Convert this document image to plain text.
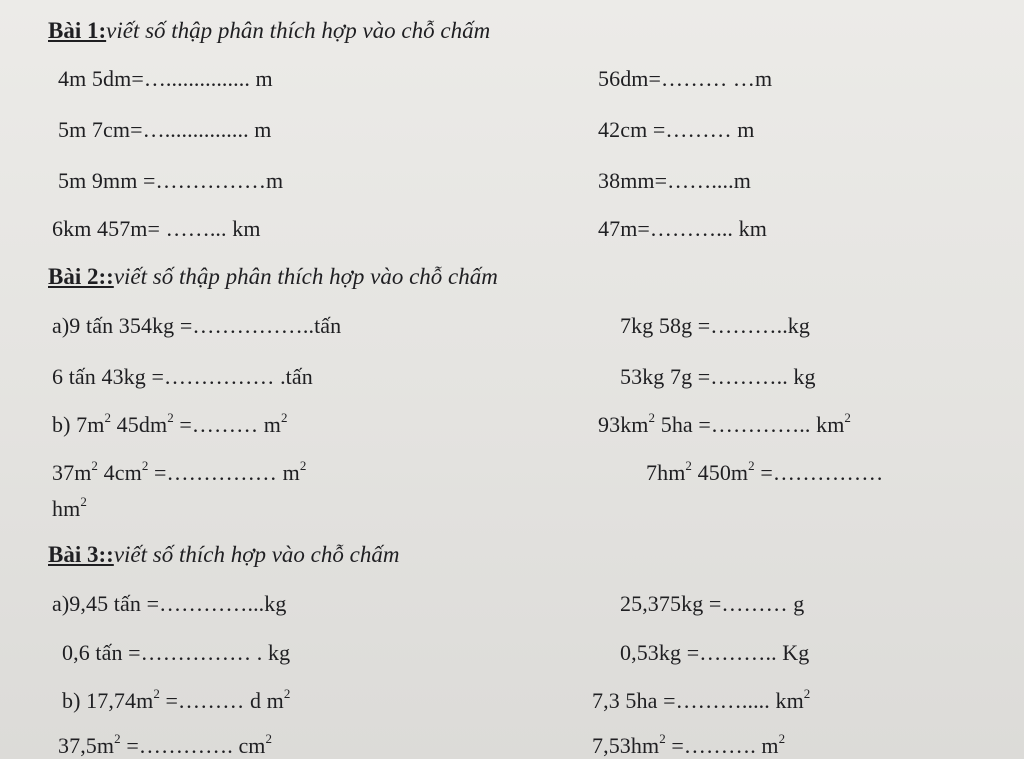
Bài 1:viết số thập phân thích hợp vào chỗ chấm
4m 5dm=…............... m	56dm=……… …m
5m 7cm=…............... m	42cm =……… m
5m 9mm =……………m	38mm=……....m
6km 457m= ……... km	47m=………... km
Bài 2::viết số thập phân thích hợp vào chỗ chấm
a)9 tấn 354kg =……………..tấn	7kg 58g =………..kg
6 tấn 43kg =…………… .tấn	53kg 7g =……….. kg
b) $7m^2$ $45dm^2$ =……… $m^2$	$93km^2$ 5ha =………….. $km^2$
$37m^2$ $4cm^2$ =…………… $m^2$	$7hm^2$ $450m^2$ =……………
$hm^2$
Bài 3::viết số thích hợp vào chỗ chấm
a)9,45 tấn =…………...kg	25,375kg =……… g
0,6 tấn =…………… . kg	0,53kg =……….. Kg
b) $17,74m^2$ =……… d $m^2$	7,3 5ha =………..... $km^2$
$37,5m^2$ =…………. $cm^2$	$7,53hm^2$ =………. $m^2$
